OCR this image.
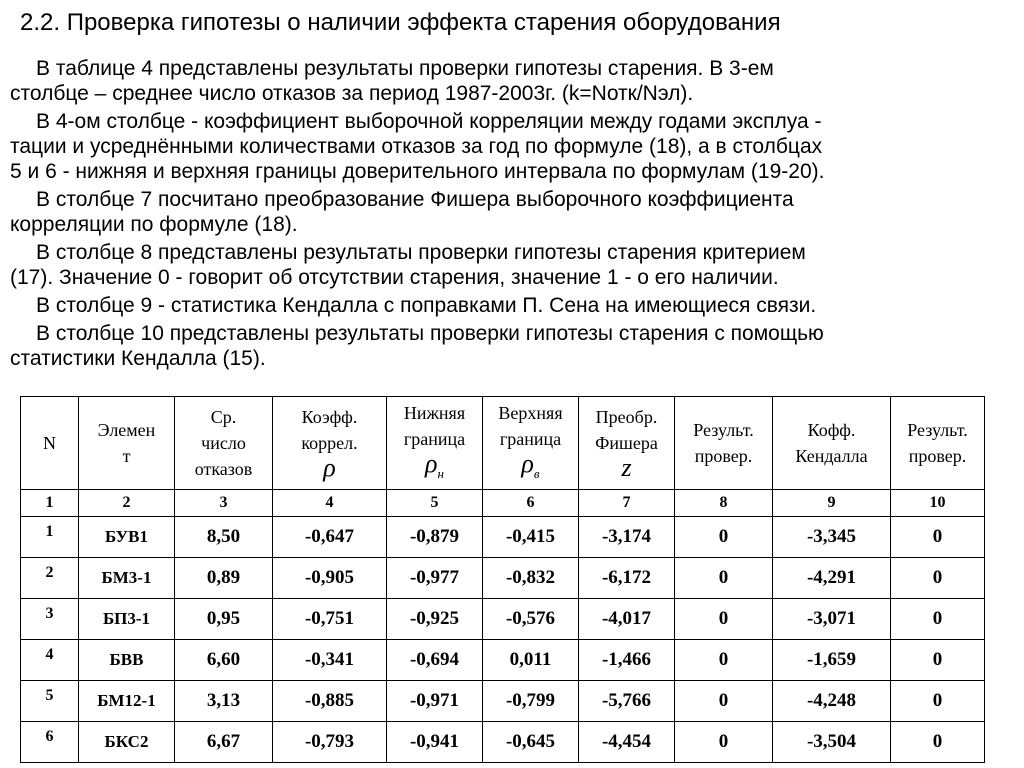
2.2. Проверка гипотезы о наличии эффекта старения оборудования

В таблице 4 представлены результаты проверки гипотезы старения. В 3-ем
столбце – среднее число отказов за период 1987-2003г. (k=Nотк/Nэл).

В 4-ом столбце - коэффициент выборочной корреляции между годами эксплуа -
тации и усреднёнными количествами отказов за год по формуле (18), а в столбцах
5 и 6 - нижняя и верхняя границы доверительного интервала по формулам (19-20).

В столбце 7 посчитано преобразование Фишера выборочного коэффициента
корреляции по формуле (18).

В столбце 8 представлены результаты проверки гипотезы старения критерием
(17). Значение 0 - говорит об отсутствии старения, значение 1 - о его наличии.

В столбце 9 - статистика Кендалла с поправками П. Сена на имеющиеся связи.

В столбце 10 представлены результаты проверки гипотезы старения с помощью
статистики Кендалла (15).

N	Элемен
т	Ср.
число
отказов	Коэфф.
коррел.
ρ	Нижняя
граница
$\rho_н$	Верхняя
граница
$\rho_в$	Преобр.
Фишера
z	Результ.
провер.	Кофф.
Кендалла	Результ.
провер.
1	2	3	4	5	6	7	8	9	10
1	БУВ1	8,50	-0,647	-0,879	-0,415	-3,174	0	-3,345	0
2	БМ3-1	0,89	-0,905	-0,977	-0,832	-6,172	0	-4,291	0
3	БП3-1	0,95	-0,751	-0,925	-0,576	-4,017	0	-3,071	0
4	БВВ	6,60	-0,341	-0,694	0,011	-1,466	0	-1,659	0
5	БМ12-1	3,13	-0,885	-0,971	-0,799	-5,766	0	-4,248	0
6	БКС2	6,67	-0,793	-0,941	-0,645	-4,454	0	-3,504	0
